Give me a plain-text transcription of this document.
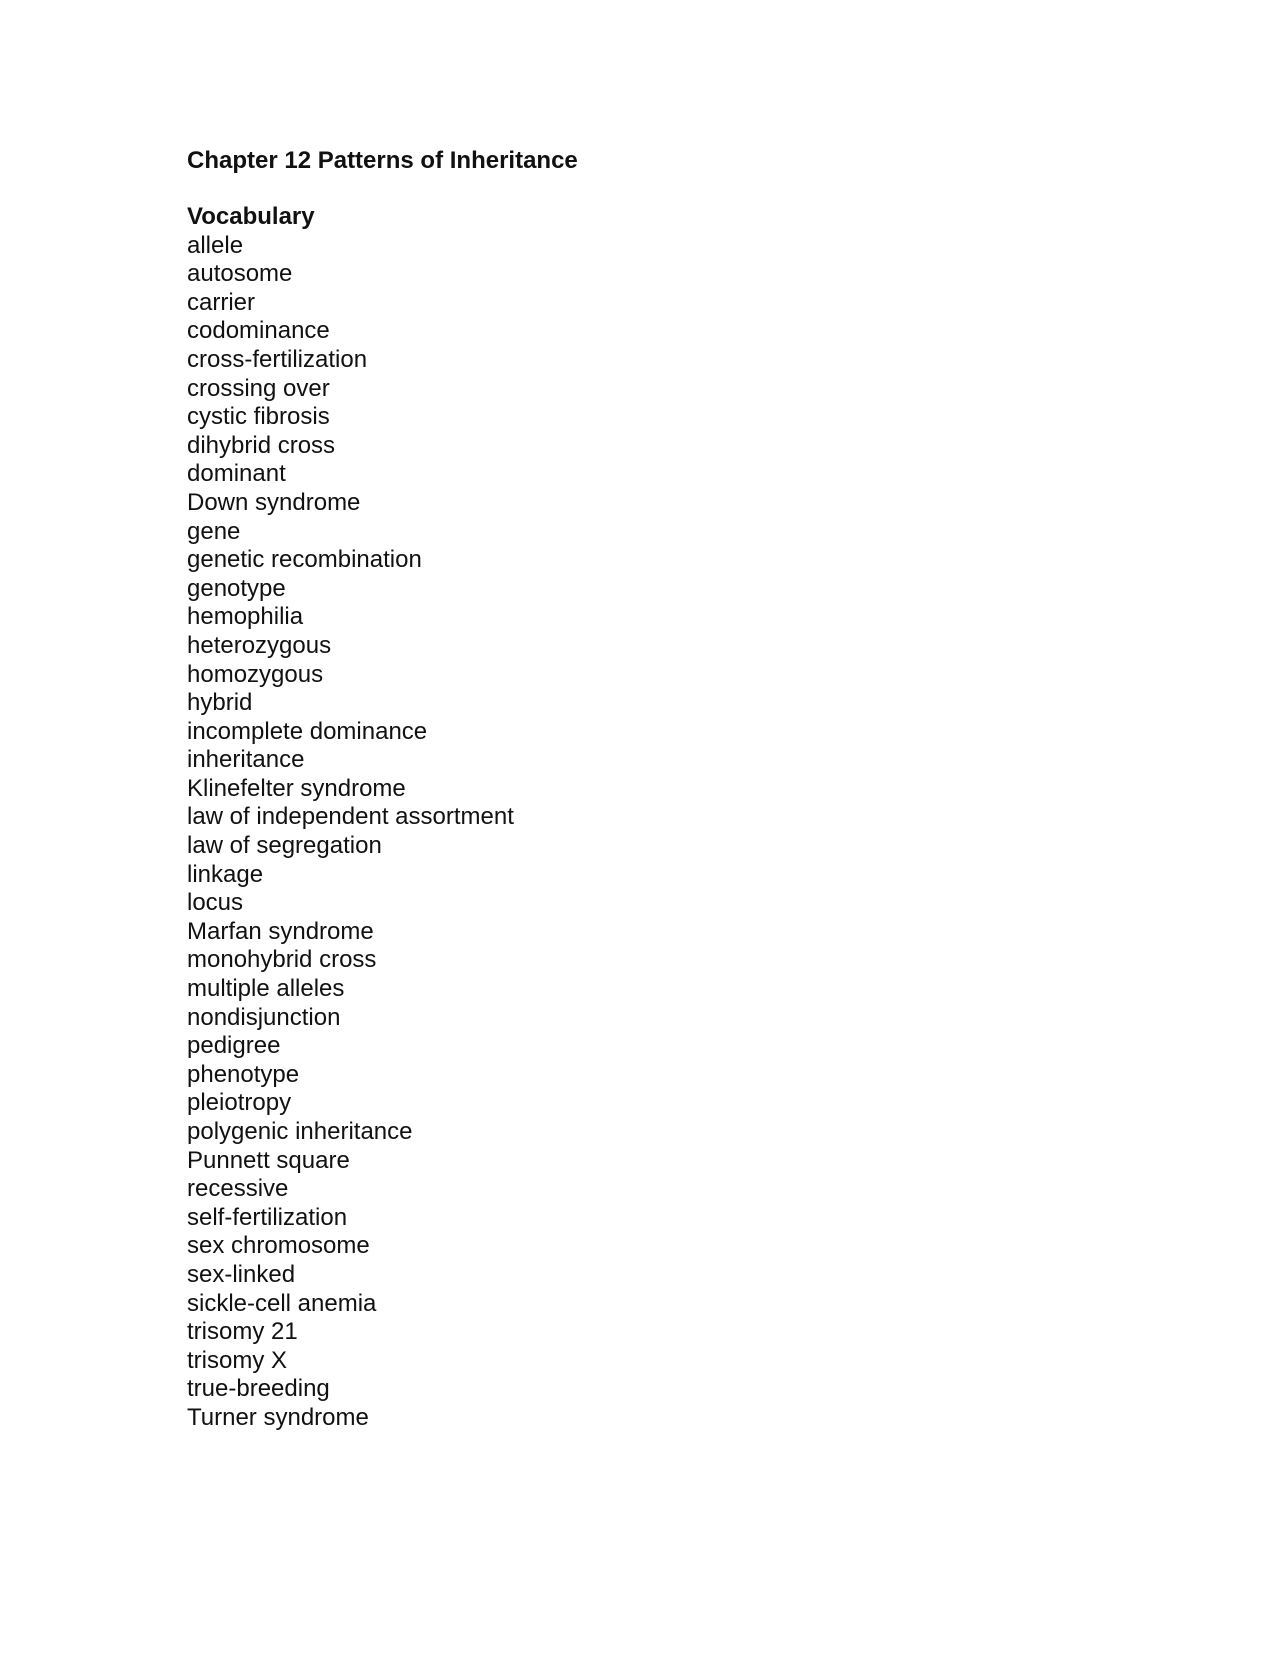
Chapter 12 Patterns of Inheritance
Vocabulary
allele
autosome
carrier
codominance
cross-fertilization
crossing over
cystic fibrosis
dihybrid cross
dominant
Down syndrome
gene
genetic recombination
genotype
hemophilia
heterozygous
homozygous
hybrid
incomplete dominance
inheritance
Klinefelter syndrome
law of independent assortment
law of segregation
linkage
locus
Marfan syndrome
monohybrid cross
multiple alleles
nondisjunction
pedigree
phenotype
pleiotropy
polygenic inheritance
Punnett square
recessive
self-fertilization
sex chromosome
sex-linked
sickle-cell anemia
trisomy 21
trisomy X
true-breeding
Turner syndrome
